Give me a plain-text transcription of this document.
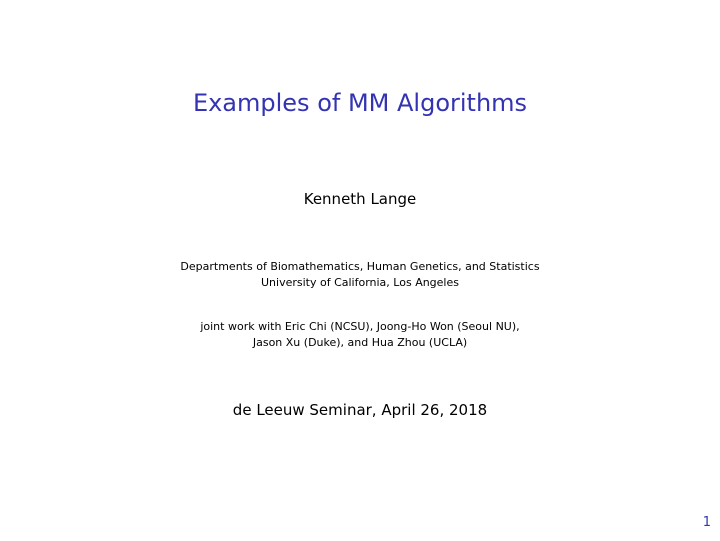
Examples of MM Algorithms

Kenneth Lange

Departments of Biomathematics, Human Genetics, and Statistics
University of California, Los Angeles
joint work with Eric Chi (NCSU), Joong-Ho Won (Seoul NU),
Jason Xu (Duke), and Hua Zhou (UCLA)

de Leeuw Seminar, April 26, 2018

1
